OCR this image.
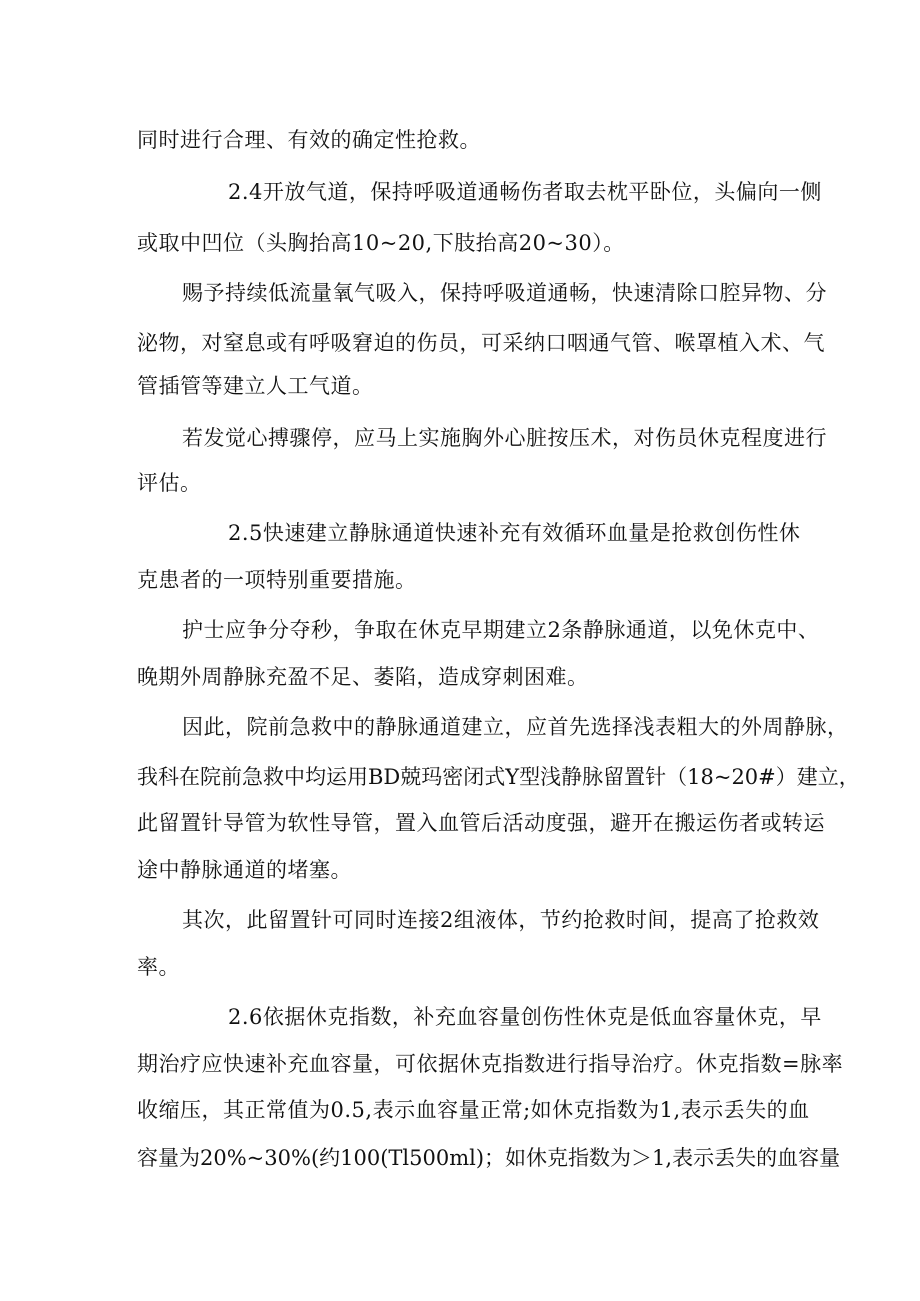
同时进行合理、有效的确定性抢救。
2.4开放气道，保持呼吸道通畅伤者取去枕平卧位，头偏向一侧
或取中凹位（头胸抬高10~20,下肢抬高20~30）。
赐予持续低流量氧气吸入，保持呼吸道通畅，快速清除口腔异物、分
泌物，对窒息或有呼吸窘迫的伤员，可采纳口咽通气管、喉罩植入术、气
管插管等建立人工气道。
若发觉心搏骤停，应马上实施胸外心脏按压术，对伤员休克程度进行
评估。
2.5快速建立静脉通道快速补充有效循环血量是抢救创伤性休
克患者的一项特别重要措施。
护士应争分夺秒，争取在休克早期建立2条静脉通道，以免休克中、
晚期外周静脉充盈不足、萎陷，造成穿刺困难。
因此，院前急救中的静脉通道建立，应首先选择浅表粗大的外周静脉，
我科在院前急救中均运用BD兢玛密闭式Y型浅静脉留置针（18~20#）建立，
此留置针导管为软性导管，置入血管后活动度强，避开在搬运伤者或转运
途中静脉通道的堵塞。
其次，此留置针可同时连接2组液体，节约抢救时间，提高了抢救效
率。
2.6依据休克指数，补充血容量创伤性休克是低血容量休克，早
期治疗应快速补充血容量，可依据休克指数进行指导治疗。休克指数=脉率
收缩压，其正常值为0.5,表示血容量正常;如休克指数为1,表示丢失的血
容量为20%~30%(约100(Tl500ml)；如休克指数为＞1,表示丢失的血容量
